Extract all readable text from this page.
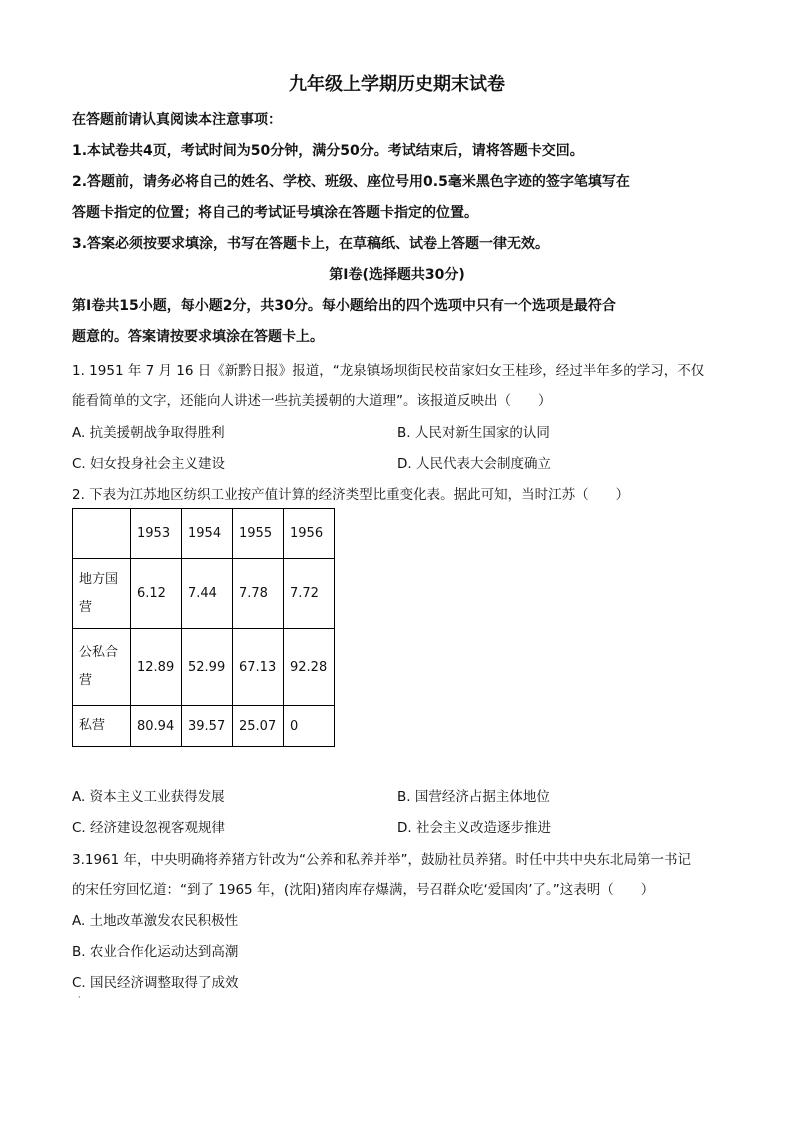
九年级上学期历史期末试卷
在答题前请认真阅读本注意事项：
1.本试卷共4页，考试时间为50分钟，满分50分。考试结束后，请将答题卡交回。
2.答题前，请务必将自己的姓名、学校、班级、座位号用0.5毫米黑色字迹的签字笔填写在
答题卡指定的位置；将自己的考试证号填涂在答题卡指定的位置。
3.答案必须按要求填涂，书写在答题卡上，在草稿纸、试卷上答题一律无效。
第Ⅰ卷(选择题共30分)
第Ⅰ卷共15小题，每小题2分，共30分。每小题给出的四个选项中只有一个选项是最符合
题意的。答案请按要求填涂在答题卡上。
1. 1951 年 7 月 16 日《新黔日报》报道，“龙泉镇场坝街民校苗家妇女王桂珍，经过半年多的学习，不仅
能看简单的文字，还能向人讲述一些抗美援朝的大道理”。该报道反映出（　　）
A. 抗美援朝战争取得胜利	B. 人民对新生国家的认同
C. 妇女投身社会主义建设	D. 人民代表大会制度确立
2. 下表为江苏地区纺织工业按产值计算的经济类型比重变化表。据此可知，当时江苏（　　）
	1953	1954	1955	1956

地方国
营	6.12	7.44	7.78	7.72

公私合
营	12.89	52.99	67.13	92.28
私营	80.94	39.57	25.07	0
A. 资本主义工业获得发展	B. 国营经济占据主体地位
C. 经济建设忽视客观规律	D. 社会主义改造逐步推进
3.1961 年，中央明确将养猪方针改为“公养和私养并举”，鼓励社员养猪。时任中共中央东北局第一书记
的宋任穷回忆道：“到了 1965 年，(沈阳)猪肉库存爆满，号召群众吃‘爱国肉’了。”这表明（　　）
A. 土地改革激发农民积极性
B. 农业合作化运动达到高潮
C. 国民经济调整取得了成效
·
